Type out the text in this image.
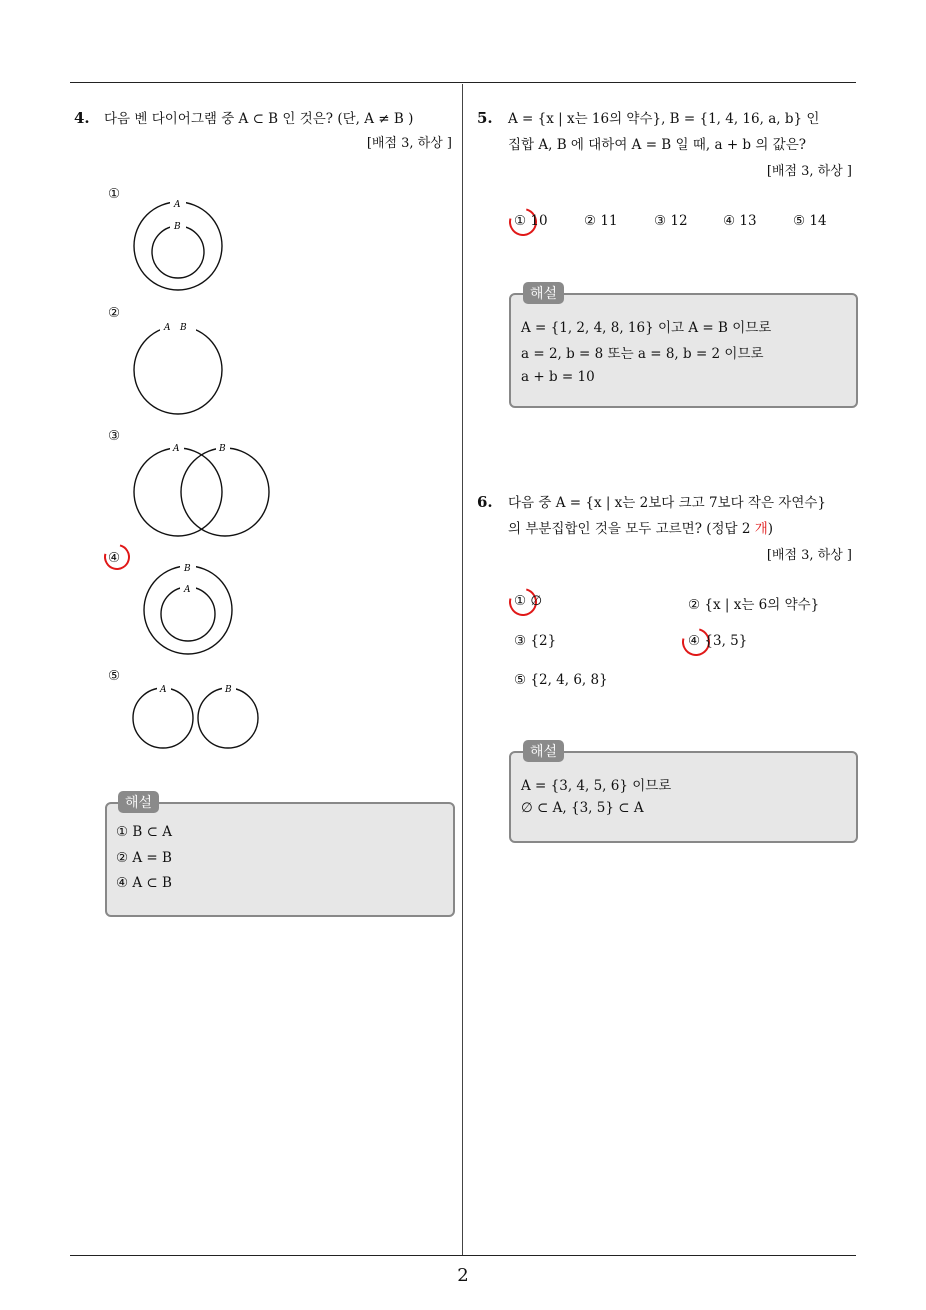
2
4. 다음 벤 다이어그램 중 A ⊂ B 인 것은? (단, A ≠ B )
[배점 3, 하상 ]
①
A
B
②
A B
③
A	B
④
B
A
⑤
A	B
해설
① B ⊂ A
② A = B
④ A ⊂ B
5. A = {x | x는 16의 약수}, B = {1, 4, 16, a, b} 인
집합 A, B 에 대하여 A = B 일 때, a + b 의 값은?
[배점 3, 하상 ]
① 10	② 11	③ 12	④ 13	⑤ 14
해설
A = {1, 2, 4, 8, 16} 이고 A = B 이므로
a = 2, b = 8 또는 a = 8, b = 2 이므로
a + b = 10
6. 다음 중 A = {x | x는 2보다 크고 7보다 작은 자연수}
의 부분집합인 것을 모두 고르면? (정답 2 개)
[배점 3, 하상 ]
① ∅	② {x | x는 6의 약수}
③ {2}	④ {3, 5}
⑤ {2, 4, 6, 8}
해설
A = {3, 4, 5, 6} 이므로
∅ ⊂ A, {3, 5} ⊂ A
